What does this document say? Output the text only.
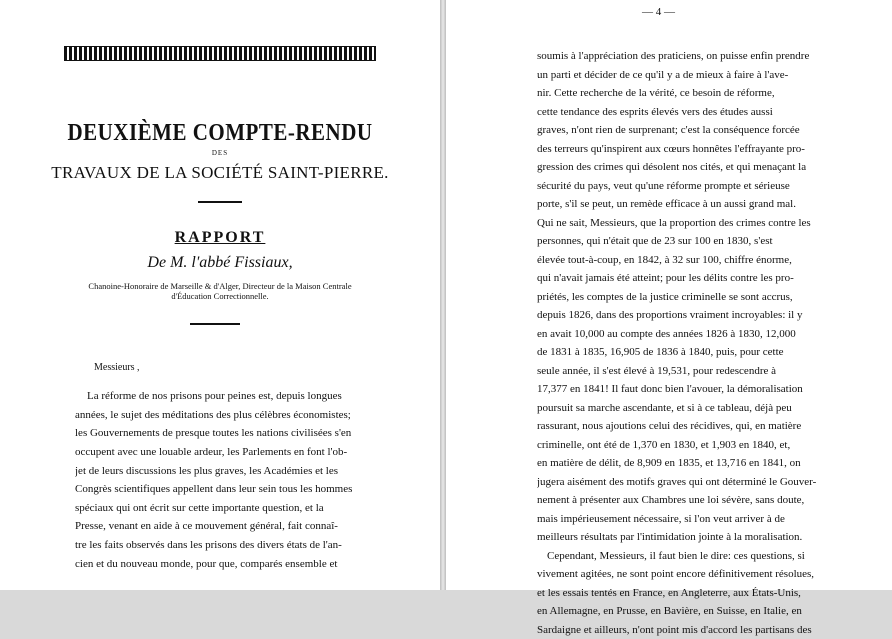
DEUXIÈME COMPTE-RENDU
DES
TRAVAUX DE LA SOCIÉTÉ SAINT-PIERRE.
RAPPORT
De M. l'abbé Fissiaux,
Chanoine-Honoraire de Marseille & d'Alger, Directeur de la Maison Centrale
d'Éducation Correctionnelle.
Messieurs ,
La réforme de nos prisons pour peines est, depuis longues
années, le sujet des méditations des plus célèbres économistes;
les Gouvernements de presque toutes les nations civilisées s'en
occupent avec une louable ardeur, les Parlements en font l'ob-
jet de leurs discussions les plus graves, les Académies et les
Congrès scientifiques appellent dans leur sein tous les hommes
spéciaux qui ont écrit sur cette importante question, et la
Presse, venant en aide à ce mouvement général, fait connaî-
tre les faits observés dans les prisons des divers états de l'an-
cien et du nouveau monde, pour que, comparés ensemble et
— 4 —
soumis à l'appréciation des praticiens, on puisse enfin prendre
un parti et décider de ce qu'il y a de mieux à faire à l'ave-
nir. Cette recherche de la vérité, ce besoin de réforme,
cette tendance des esprits élevés vers des études aussi
graves, n'ont rien de surprenant; c'est la conséquence forcée
des terreurs qu'inspirent aux cœurs honnêtes l'effrayante pro-
gression des crimes qui désolent nos cités, et qui menaçant la
sécurité du pays, veut qu'une réforme prompte et sérieuse
porte, s'il se peut, un remède efficace à un aussi grand mal.
Qui ne sait, Messieurs, que la proportion des crimes contre les
personnes, qui n'était que de 23 sur 100 en 1830, s'est
élevée tout-à-coup, en 1842, à 32 sur 100, chiffre énorme,
qui n'avait jamais été atteint; pour les délits contre les pro-
priétés, les comptes de la justice criminelle se sont accrus,
depuis 1826, dans des proportions vraiment incroyables: il y
en avait 10,000 au compte des années 1826 à 1830, 12,000
de 1831 à 1835, 16,905 de 1836 à 1840, puis, pour cette
seule année, il s'est élevé à 19,531, pour redescendre à
17,377 en 1841! Il faut donc bien l'avouer, la démoralisation
poursuit sa marche ascendante, et si à ce tableau, déjà peu
rassurant, nous ajoutions celui des récidives, qui, en matière
criminelle, ont été de 1,370 en 1830, et 1,903 en 1840, et,
en matière de délit, de 8,909 en 1835, et 13,716 en 1841, on
jugera aisément des motifs graves qui ont déterminé le Gouver-
nement à présenter aux Chambres une loi sévère, sans doute,
mais impérieusement nécessaire, si l'on veut arriver à de
meilleurs résultats par l'intimidation jointe à la moralisation.
Cependant, Messieurs, il faut bien le dire: ces questions, si
vivement agitées, ne sont point encore définitivement résolues,
et les essais tentés en France, en Angleterre, aux États-Unis,
en Allemagne, en Prusse, en Bavière, en Suisse, en Italie, en
Sardaigne et ailleurs, n'ont point mis d'accord les partisans des
